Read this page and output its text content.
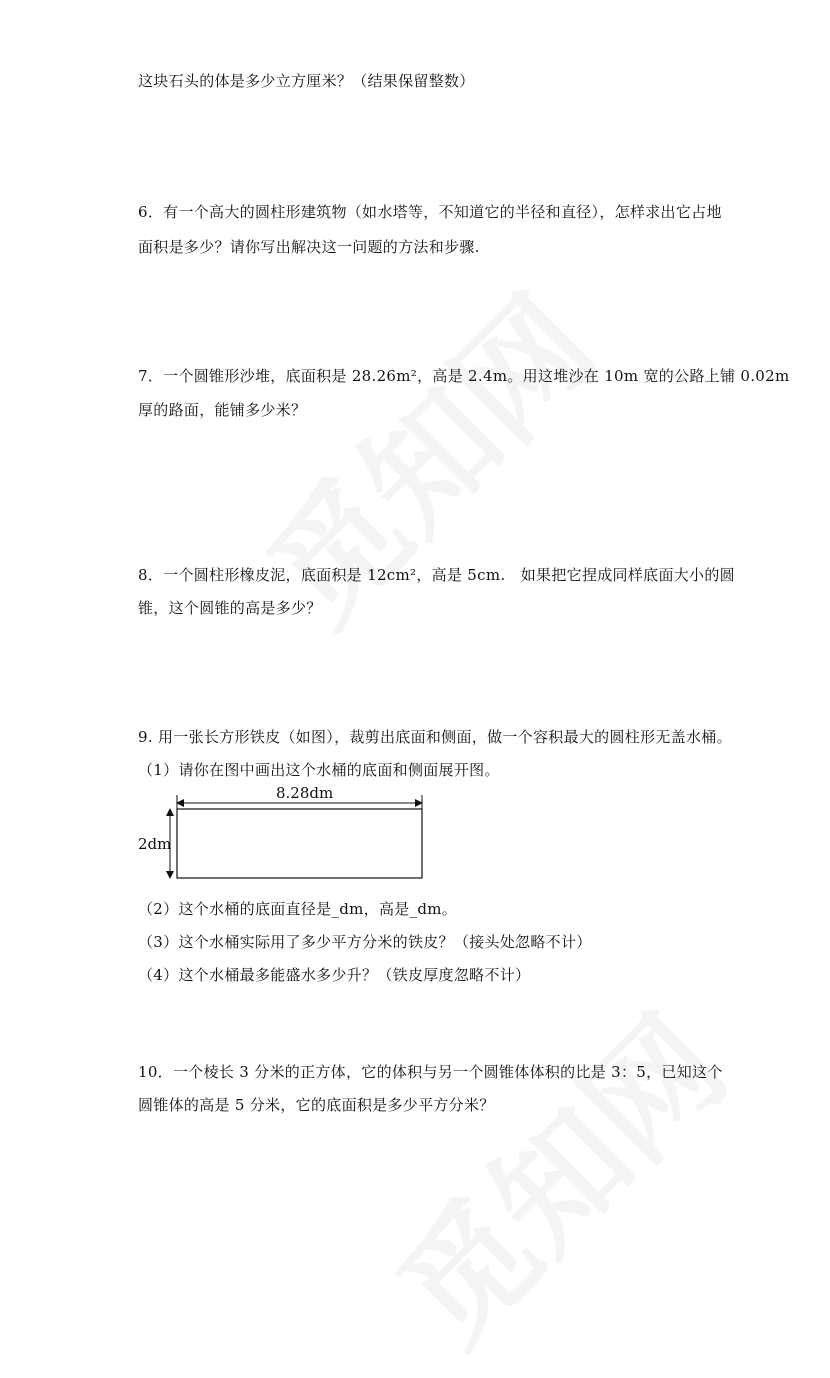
这块石头的体是多少立方厘米？（结果保留整数）
6．有一个高大的圆柱形建筑物（如水塔等，不知道它的半径和直径），怎样求出它占地
面积是多少？请你写出解决这一问题的方法和步骤.
7．一个圆锥形沙堆，底面积是 28.26m²，高是 2.4m。用这堆沙在 10m 宽的公路上铺 0.02m
厚的路面，能铺多少米？
8．一个圆柱形橡皮泥，底面积是 12cm²，高是 5cm.　如果把它捏成同样底面大小的圆
锥，这个圆锥的高是多少？
9. 用一张长方形铁皮（如图），裁剪出底面和侧面，做一个容积最大的圆柱形无盖水桶。
（1）请你在图中画出这个水桶的底面和侧面展开图。
8.28dm
2dm
（2）这个水桶的底面直径是_dm，高是_dm。
（3）这个水桶实际用了多少平方分米的铁皮？（接头处忽略不计）
（4）这个水桶最多能盛水多少升？（铁皮厚度忽略不计）
10．一个棱长 3 分米的正方体，它的体积与另一个圆锥体体积的比是 3：5，已知这个
圆锥体的高是 5 分米，它的底面积是多少平方分米？
